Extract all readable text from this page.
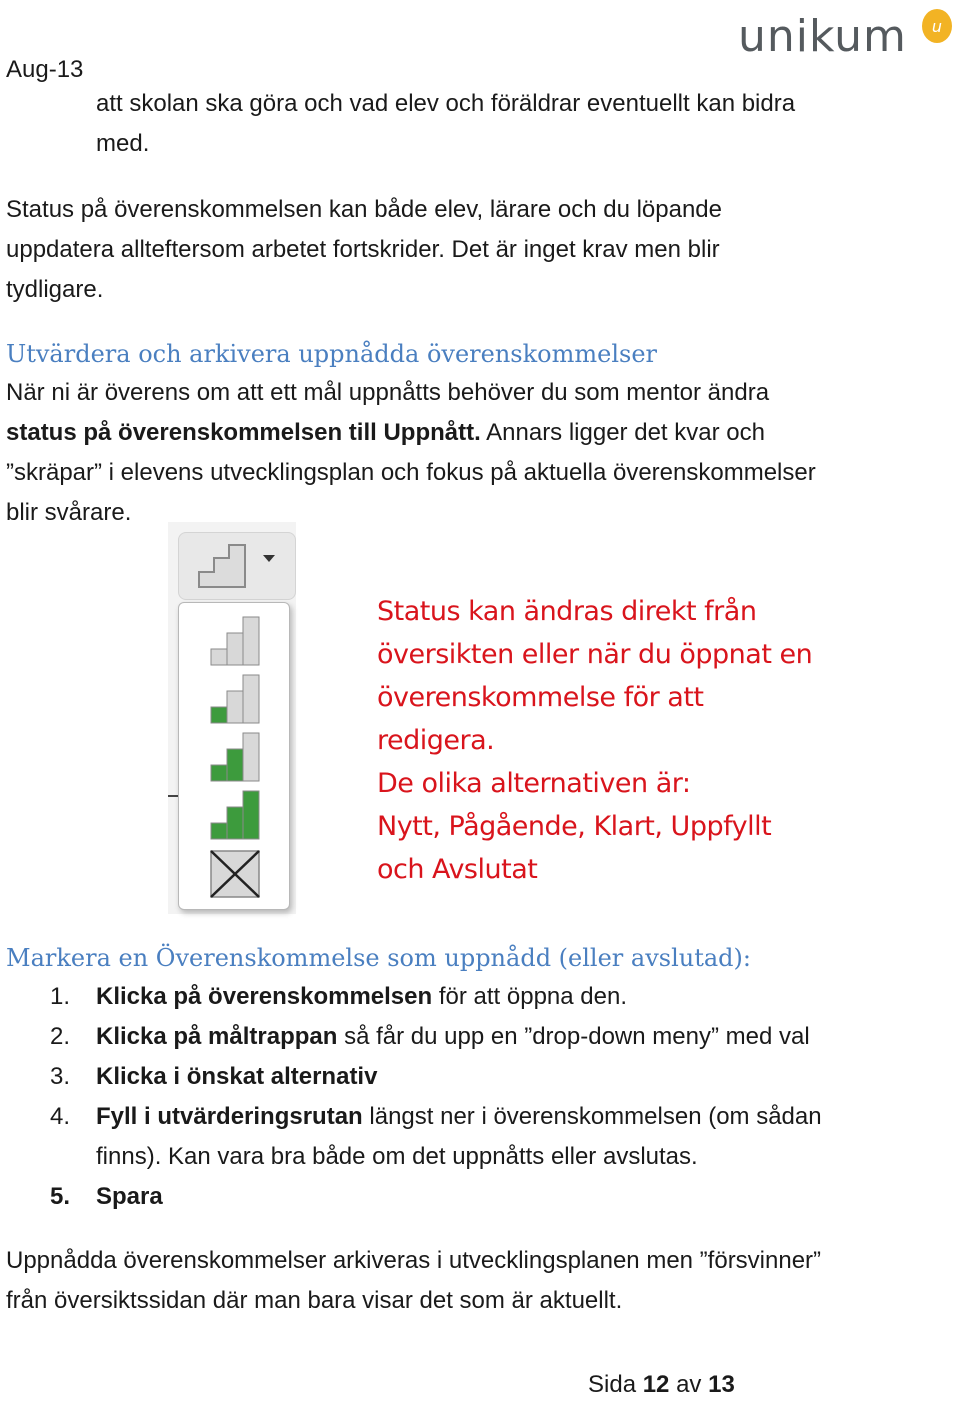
Aug-13
unikum u
att skolan ska göra och vad elev och föräldrar eventuellt kan bidra
med.
Status på överenskommelsen kan både elev, lärare och du löpande
uppdatera allteftersom arbetet fortskrider. Det är inget krav men blir
tydligare.
Utvärdera och arkivera uppnådda överenskommelser
När ni är överens om att ett mål uppnåtts behöver du som mentor ändra
status på överenskommelsen till Uppnått. Annars ligger det kvar och
”skräpar” i elevens utvecklingsplan och fokus på aktuella överenskommelser
blir svårare.
Status kan ändras direkt från
översikten eller när du öppnat en
överenskommelse för att
redigera.
De olika alternativen är:
Nytt, Pågående, Klart, Uppfyllt
och Avslutat
Markera en Överenskommelse som uppnådd (eller avslutad):
1.	Klicka på överenskommelsen för att öppna den.
2.	Klicka på måltrappan så får du upp en ”drop-down meny” med val
3.	Klicka i önskat alternativ
4.	Fyll i utvärderingsrutan längst ner i överenskommelsen (om sådan
finns). Kan vara bra både om det uppnåtts eller avslutas.
5.	Spara
Uppnådda överenskommelser arkiveras i utvecklingsplanen men ”försvinner”
från översiktssidan där man bara visar det som är aktuellt.
Sida 12 av 13
